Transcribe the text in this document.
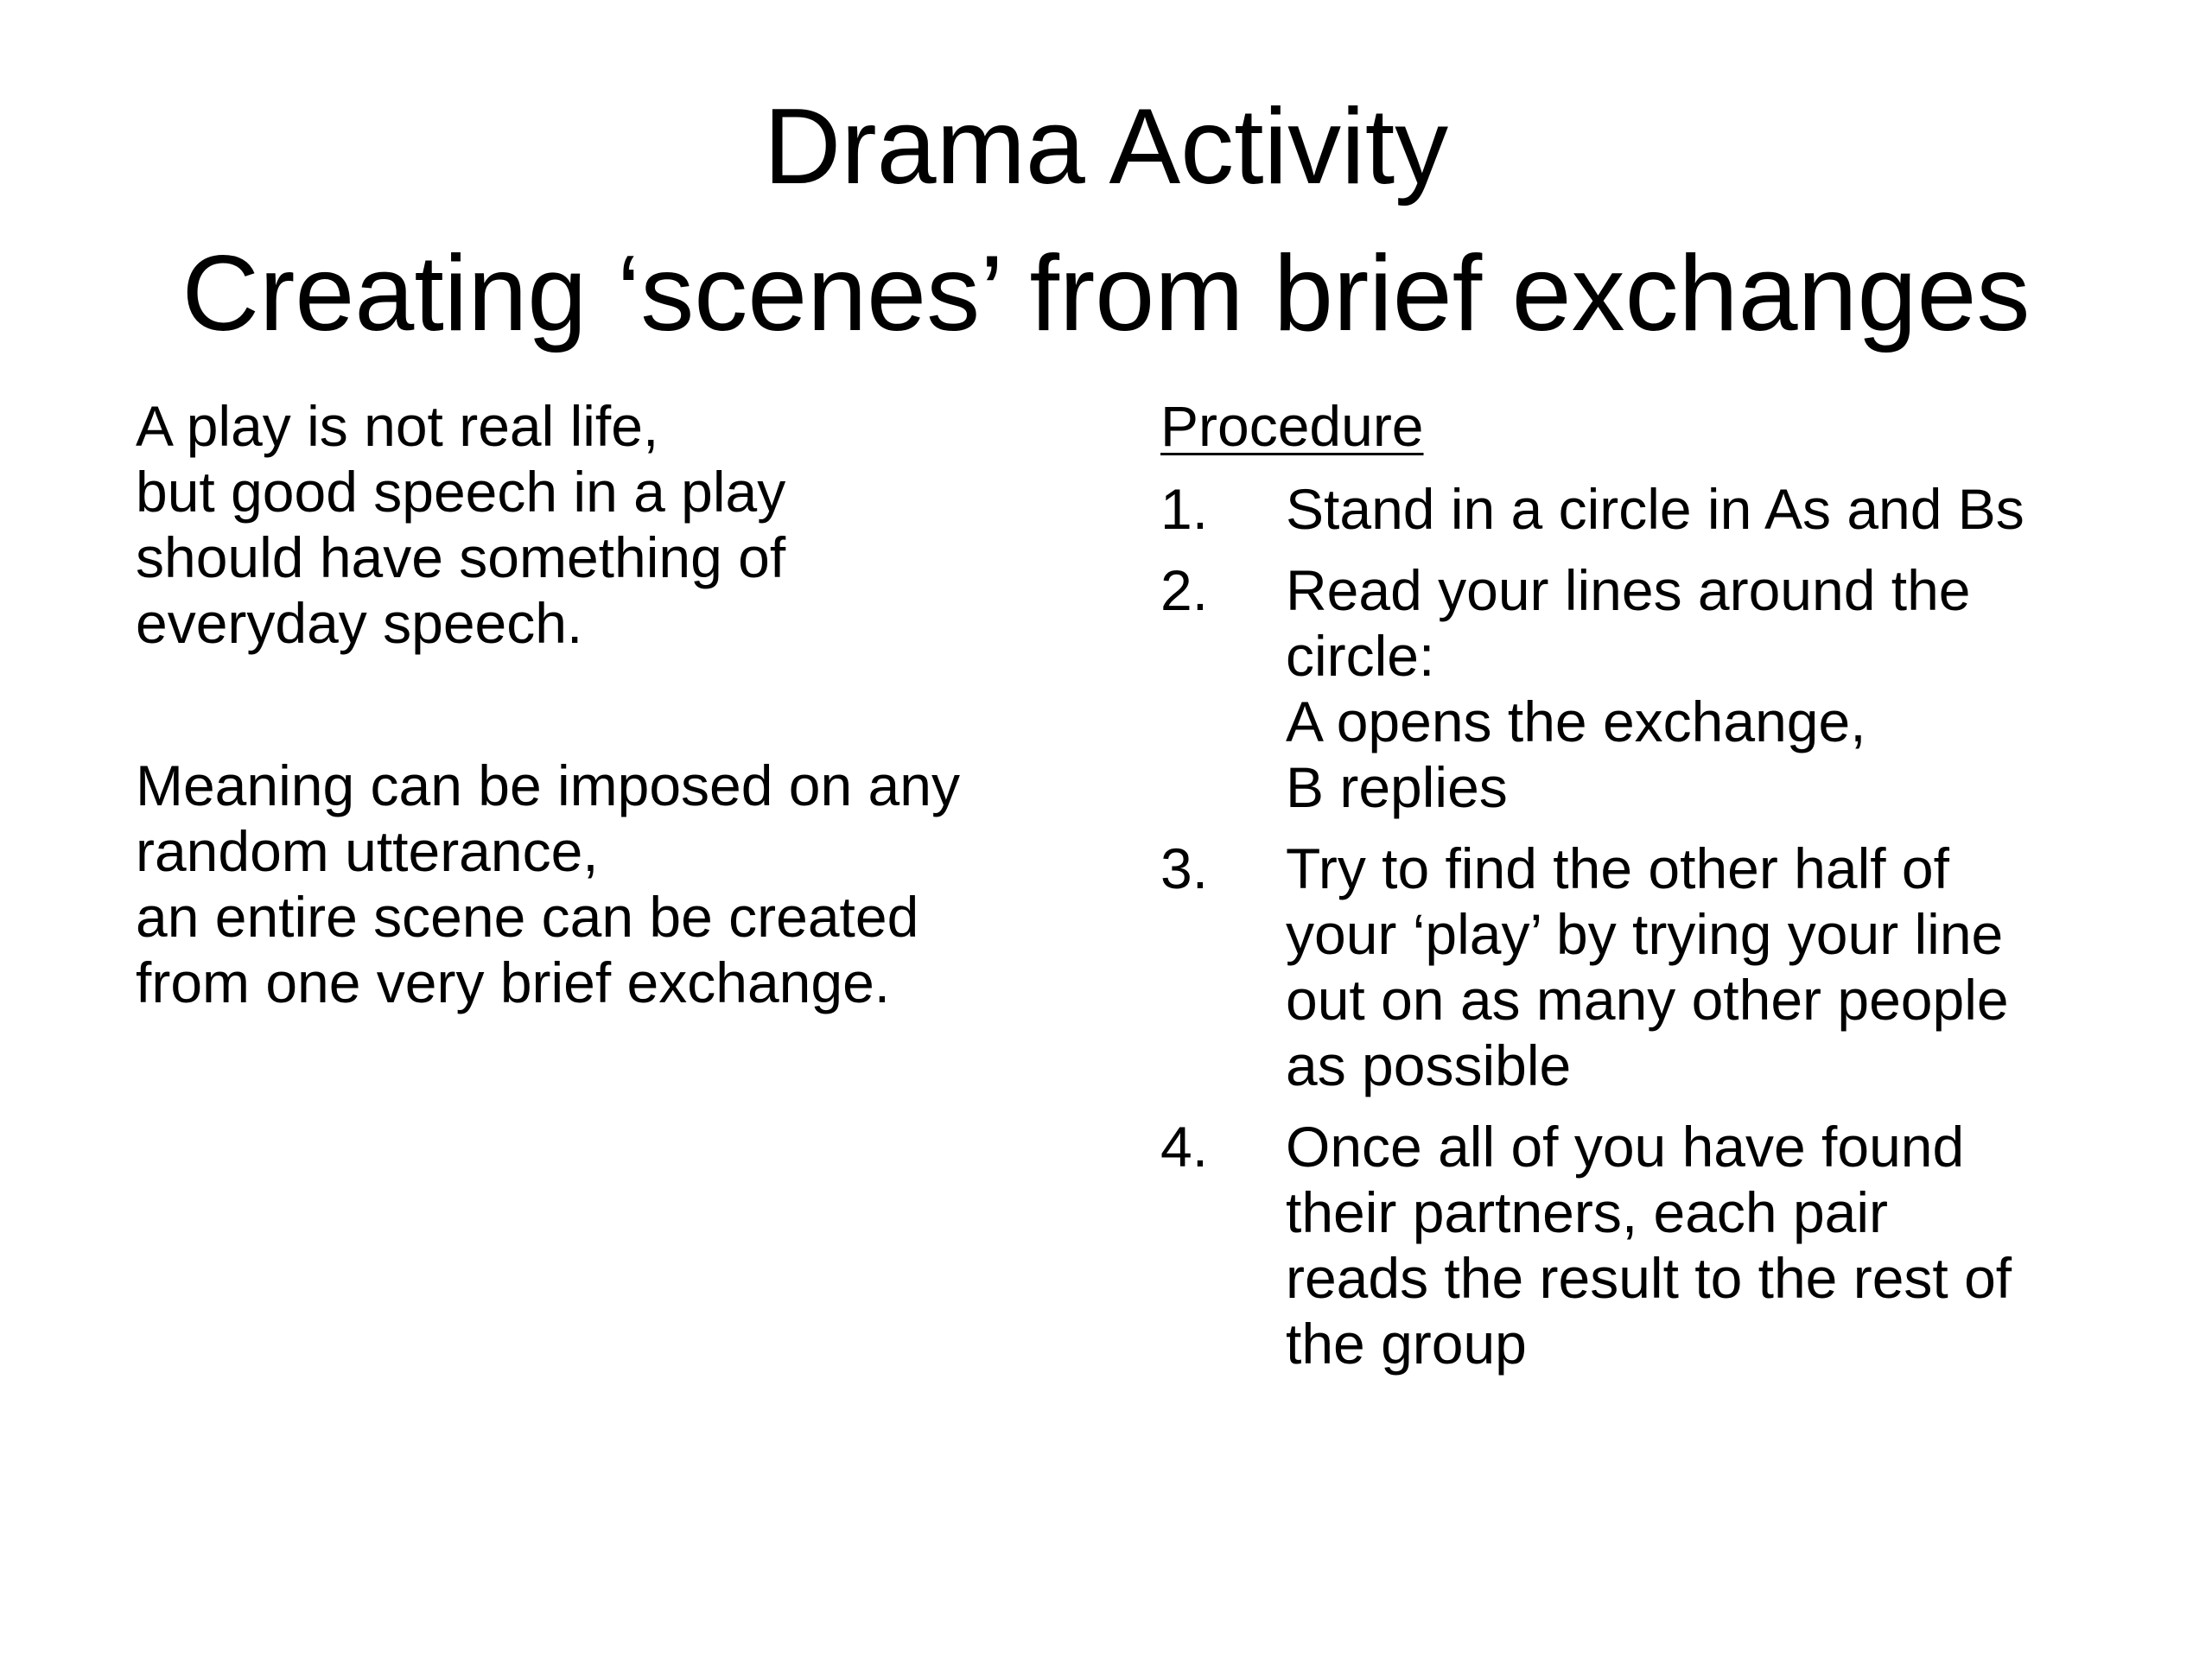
Drama Activity
Creating ‘scenes’ from brief exchanges

A play is not real life,
but good speech in a play
should have something of
everyday speech.

Meaning can be imposed on any
random utterance,
an entire scene can be created
from one very brief exchange.

Procedure

1. Stand in a circle in As and Bs
2. Read your lines around the
circle:
A opens the exchange,
B replies
3. Try to find the other half of
your ‘play’ by trying your line
out on as many other people
as possible
4. Once all of you have found
their partners, each pair
reads the result to the rest of
the group
